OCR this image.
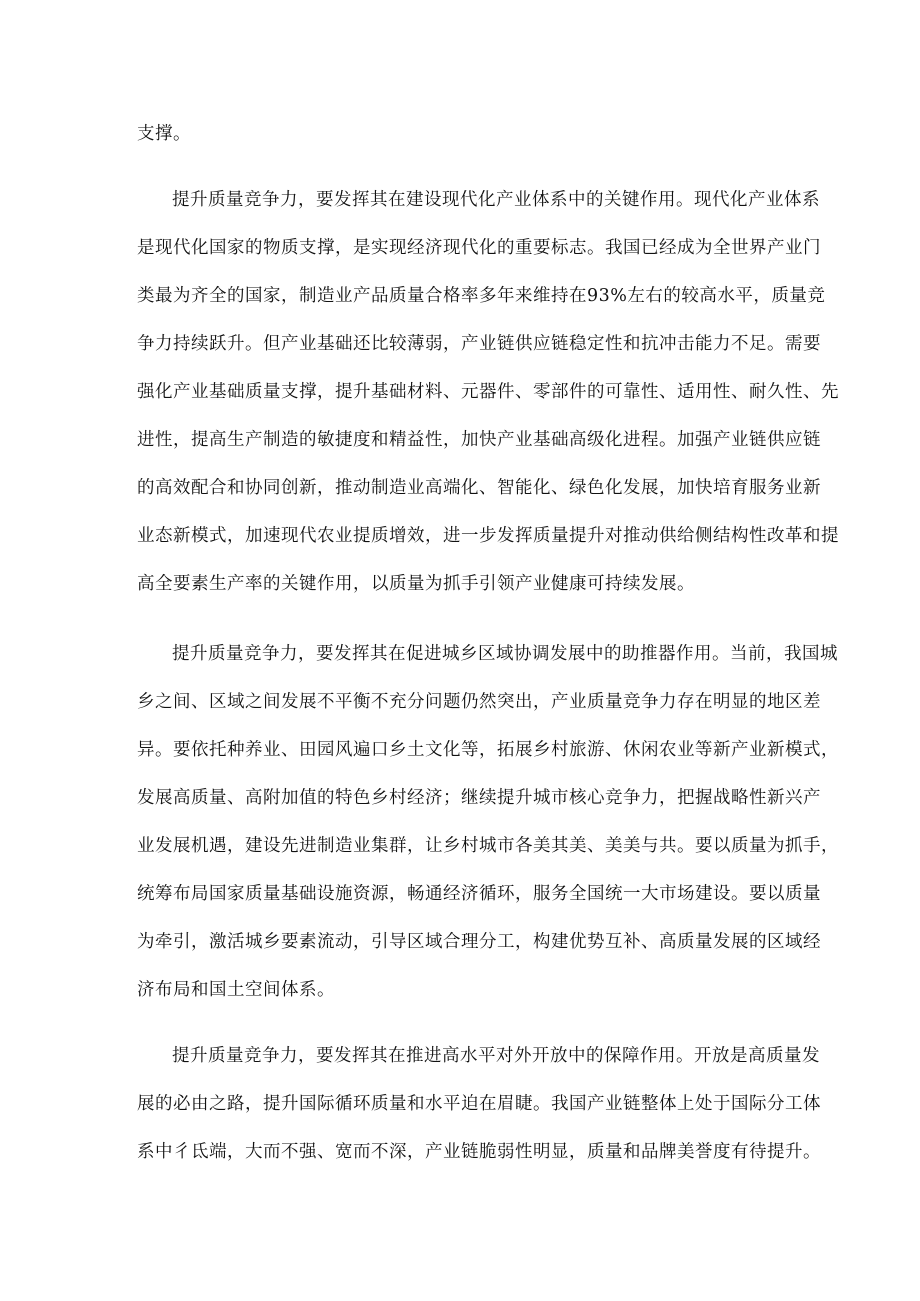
支撑。
提升质量竞争力，要发挥其在建设现代化产业体系中的关键作用。现代化产业体系
是现代化国家的物质支撑，是实现经济现代化的重要标志。我国已经成为全世界产业门
类最为齐全的国家，制造业产品质量合格率多年来维持在93%左右的较高水平，质量竞
争力持续跃升。但产业基础还比较薄弱，产业链供应链稳定性和抗冲击能力不足。需要
强化产业基础质量支撑，提升基础材料、元器件、零部件的可靠性、适用性、耐久性、先
进性，提高生产制造的敏捷度和精益性，加快产业基础高级化进程。加强产业链供应链
的高效配合和协同创新，推动制造业高端化、智能化、绿色化发展，加快培育服务业新
业态新模式，加速现代农业提质增效，进一步发挥质量提升对推动供给侧结构性改革和提
高全要素生产率的关键作用，以质量为抓手引领产业健康可持续发展。
提升质量竞争力，要发挥其在促进城乡区域协调发展中的助推器作用。当前，我国城
乡之间、区域之间发展不平衡不充分问题仍然突出，产业质量竞争力存在明显的地区差
异。要依托种养业、田园风遍口乡土文化等，拓展乡村旅游、休闲农业等新产业新模式，
发展高质量、高附加值的特色乡村经济；继续提升城市核心竞争力，把握战略性新兴产
业发展机遇，建设先进制造业集群，让乡村城市各美其美、美美与共。要以质量为抓手，
统筹布局国家质量基础设施资源，畅通经济循环，服务全国统一大市场建设。要以质量
为牵引，激活城乡要素流动，引导区域合理分工，构建优势互补、高质量发展的区域经
济布局和国土空间体系。
提升质量竞争力，要发挥其在推进高水平对外开放中的保障作用。开放是高质量发
展的必由之路，提升国际循环质量和水平迫在眉睫。我国产业链整体上处于国际分工体
系中彳氐端，大而不强、宽而不深，产业链脆弱性明显，质量和品牌美誉度有待提升。
